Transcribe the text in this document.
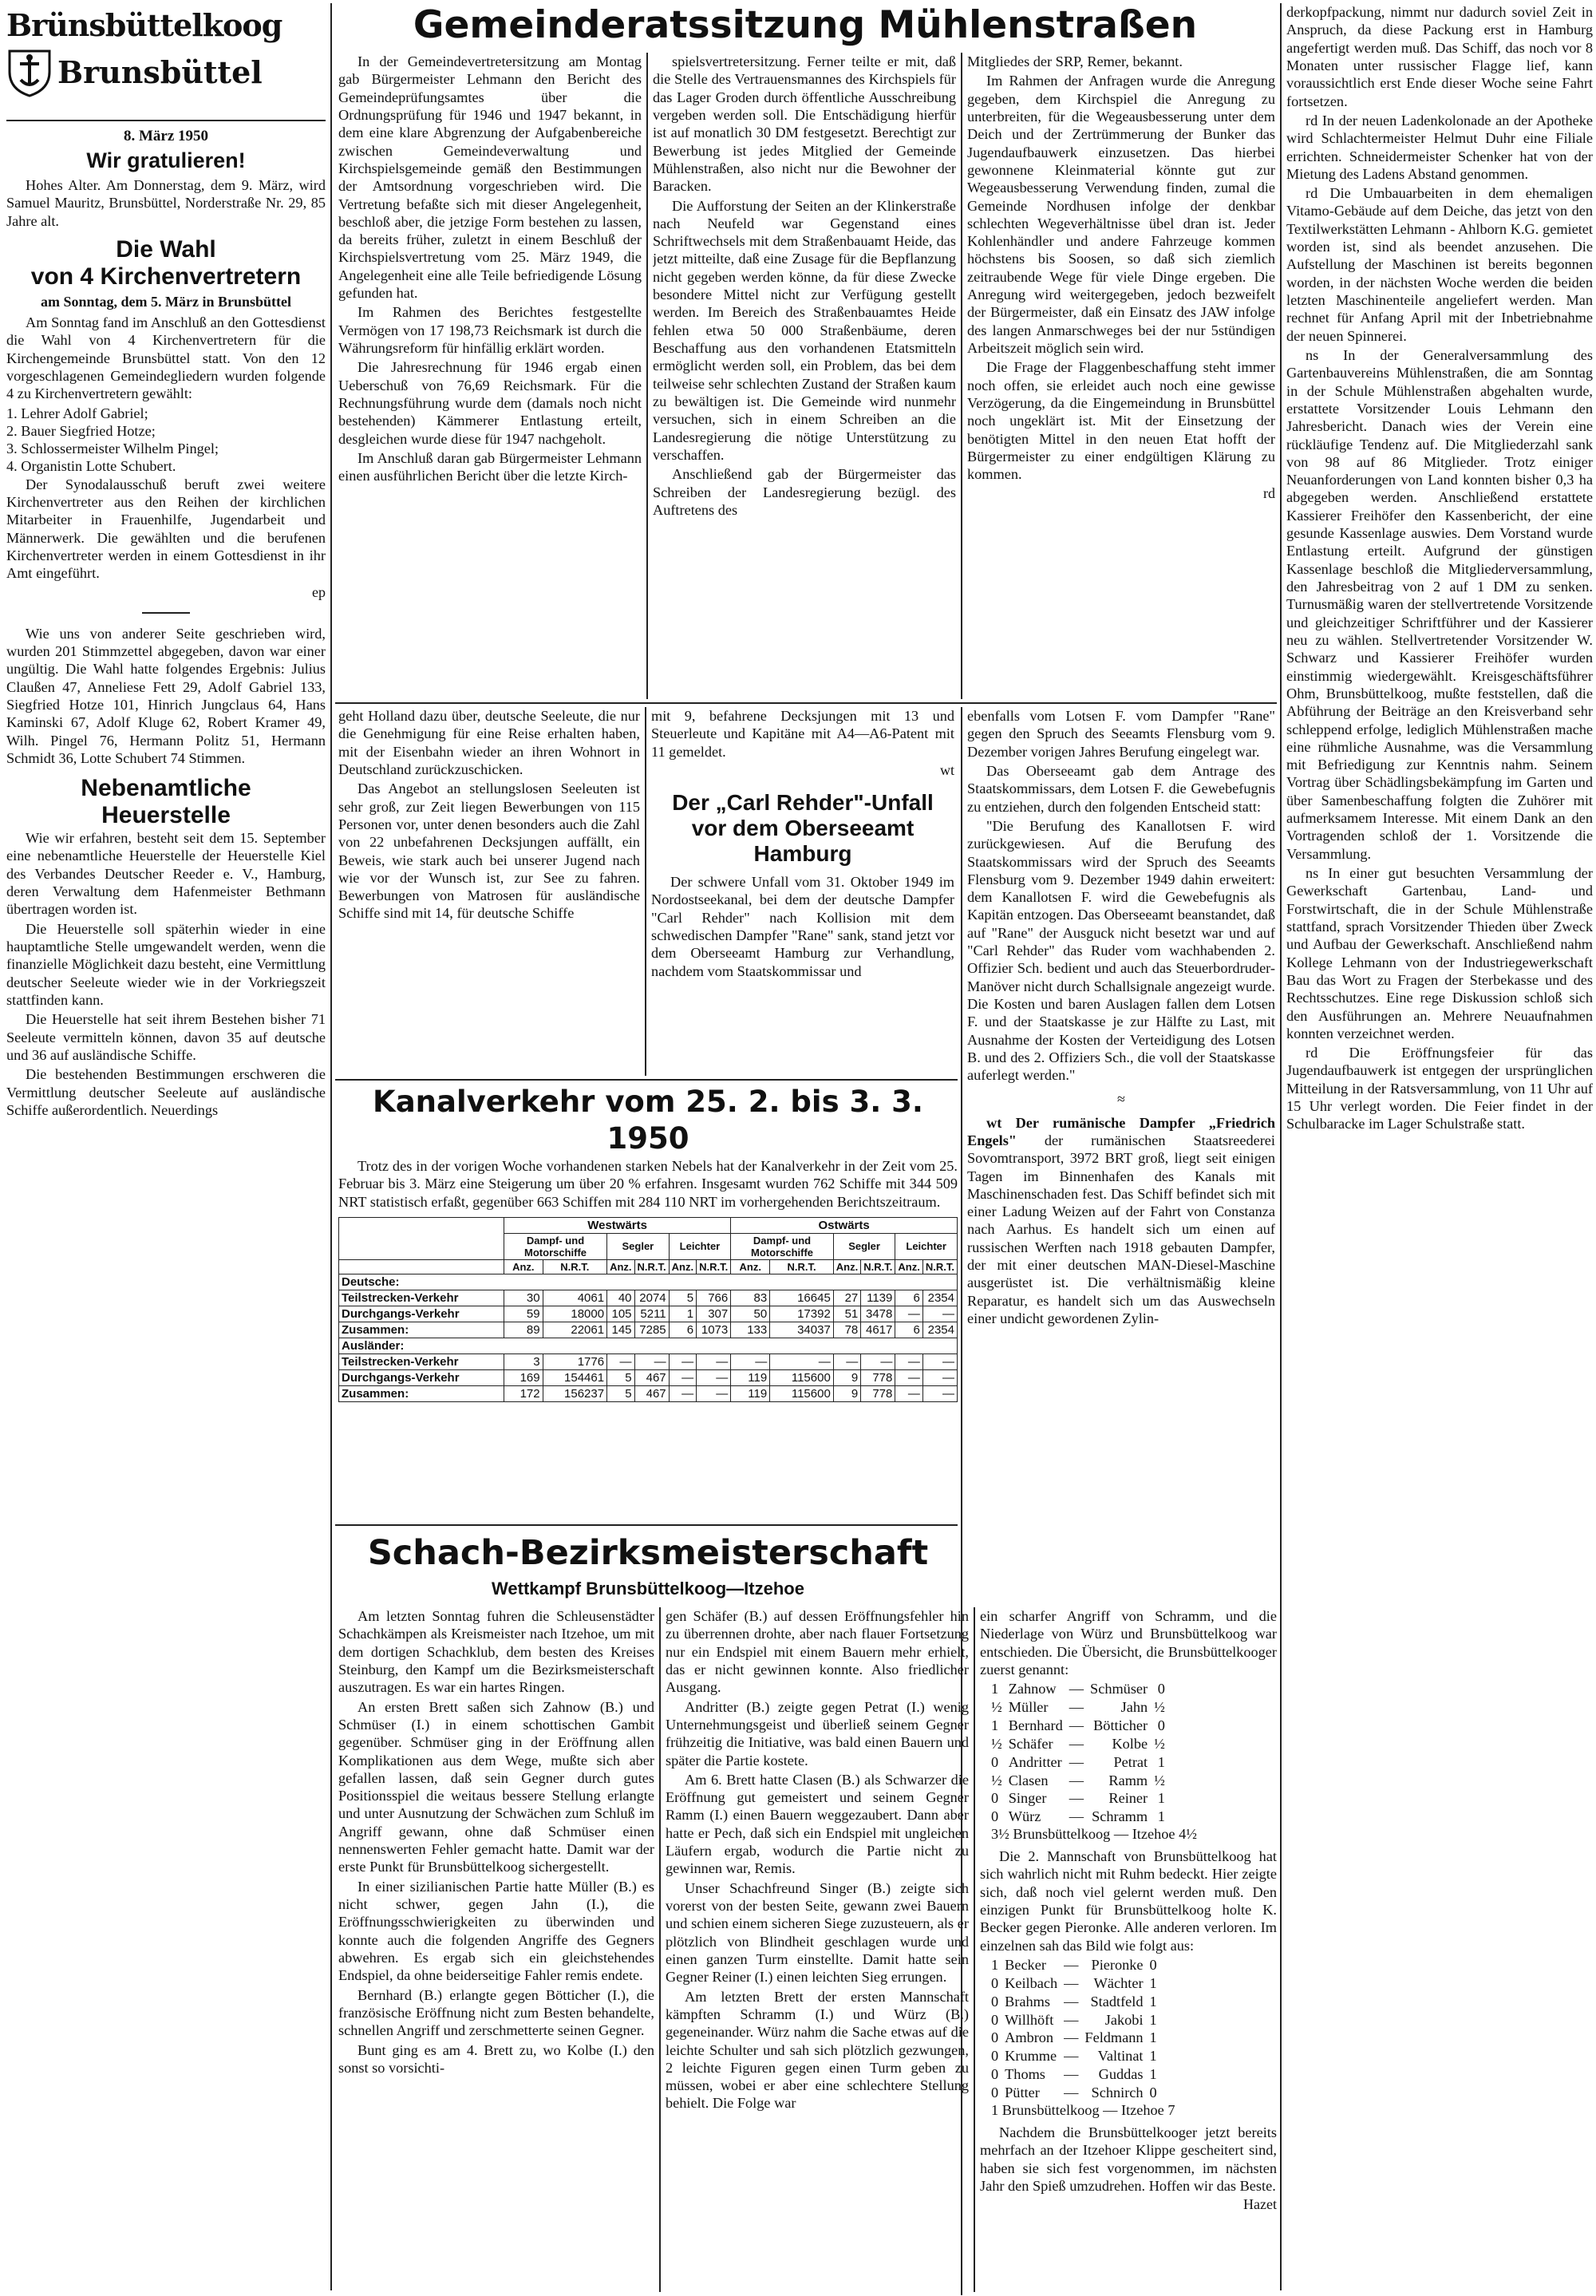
Brünsbüttelkoog
Brunsbüttel
8. März 1950
Wir gratulieren!

Hohes Alter. Am Donnerstag, dem 9. März, wird Samuel Mauritz, Brunsbüttel, Norderstraße Nr. 29, 85 Jahre alt.

Die Wahl
von 4 Kirchenvertretern
am Sonntag, dem 5. März in Brunsbüttel

Am Sonntag fand im Anschluß an den Gottesdienst die Wahl von 4 Kirchenvertretern für die Kirchengemeinde Brunsbüttel statt. Von den 12 vorgeschlagenen Gemeindegliedern wurden folgende 4 zu Kirchenvertretern gewählt:

1. Lehrer Adolf Gabriel;
2. Bauer Siegfried Hotze;
3. Schlossermeister Wilhelm Pingel;
4. Organistin Lotte Schubert.

Der Synodalausschuß beruft zwei weitere Kirchenvertreter aus den Reihen der kirchlichen Mitarbeiter in Frauenhilfe, Jugendarbeit und Männerwerk. Die gewählten und die berufenen Kirchenvertreter werden in einem Gottesdienst in ihr Amt eingeführt.

ep

Wie uns von anderer Seite geschrieben wird, wurden 201 Stimmzettel abgegeben, davon war einer ungültig. Die Wahl hatte folgendes Ergebnis: Julius Claußen 47, Anneliese Fett 29, Adolf Gabriel 133, Siegfried Hotze 101, Hinrich Jungclaus 64, Hans Kaminski 67, Adolf Kluge 62, Robert Kramer 49, Wilh. Pingel 76, Hermann Politz 51, Hermann Schmidt 36, Lotte Schubert 74 Stimmen.

Nebenamtliche
Heuerstelle

Wie wir erfahren, besteht seit dem 15. September eine nebenamtliche Heuerstelle der Heuerstelle Kiel des Verbandes Deutscher Reeder e. V., Hamburg, deren Verwaltung dem Hafenmeister Bethmann übertragen worden ist.

Die Heuerstelle soll späterhin wieder in eine hauptamtliche Stelle umgewandelt werden, wenn die finanzielle Möglichkeit dazu besteht, eine Vermittlung deutscher Seeleute wieder wie in der Vorkriegszeit stattfinden kann.

Die Heuerstelle hat seit ihrem Bestehen bisher 71 Seeleute vermitteln können, davon 35 auf deutsche und 36 auf ausländische Schiffe.

Die bestehenden Bestimmungen erschweren die Vermittlung deutscher Seeleute auf ausländische Schiffe außerordentlich. Neuerdings

Gemeinderatssitzung Mühlenstraßen

In der Gemeindevertretersitzung am Montag gab Bürgermeister Lehmann den Bericht des Gemeindeprüfungsamtes über die Ordnungsprüfung für 1946 und 1947 bekannt, in dem eine klare Abgrenzung der Aufgabenbereiche zwischen Gemeindeverwaltung und Kirchspielsgemeinde gemäß den Bestimmungen der Amtsordnung vorgeschrieben wird. Die Vertretung befaßte sich mit dieser Angelegenheit, beschloß aber, die jetzige Form bestehen zu lassen, da bereits früher, zuletzt in einem Beschluß der Kirchspielsvertretung vom 25. März 1949, die Angelegenheit eine alle Teile befriedigende Lösung gefunden hat.

Im Rahmen des Berichtes festgestellte Vermögen von 17 198,73 Reichsmark ist durch die Währungsreform für hinfällig erklärt worden.

Die Jahresrechnung für 1946 ergab einen Ueberschuß von 76,69 Reichsmark. Für die Rechnungsführung wurde dem (damals noch nicht bestehenden) Kämmerer Entlastung erteilt, desgleichen wurde diese für 1947 nachgeholt.

Im Anschluß daran gab Bürgermeister Lehmann einen ausführlichen Bericht über die letzte Kirch-

spielsvertretersitzung. Ferner teilte er mit, daß die Stelle des Vertrauensmannes des Kirchspiels für das Lager Groden durch öffentliche Ausschreibung vergeben werden soll. Die Entschädigung hierfür ist auf monatlich 30 DM festgesetzt. Berechtigt zur Bewerbung ist jedes Mitglied der Gemeinde Mühlenstraßen, also nicht nur die Bewohner der Baracken.

Die Aufforstung der Seiten an der Klinkerstraße nach Neufeld war Gegenstand eines Schriftwechsels mit dem Straßenbauamt Heide, das jetzt mitteilte, daß eine Zusage für die Bepflanzung nicht gegeben werden könne, da für diese Zwecke besondere Mittel nicht zur Verfügung gestellt werden. Im Bereich des Straßenbauamtes Heide fehlen etwa 50 000 Straßenbäume, deren Beschaffung aus den vorhandenen Etatsmitteln ermöglicht werden soll, ein Problem, das bei dem teilweise sehr schlechten Zustand der Straßen kaum zu bewältigen ist. Die Gemeinde wird nunmehr versuchen, sich in einem Schreiben an die Landesregierung die nötige Unterstützung zu verschaffen.

Anschließend gab der Bürgermeister das Schreiben der Landesregierung bezügl. des Auftretens des

Mitgliedes der SRP, Remer, bekannt.

Im Rahmen der Anfragen wurde die Anregung gegeben, dem Kirchspiel die Anregung zu unterbreiten, für die Wegeausbesserung unter dem Deich und der Zertrümmerung der Bunker das Jugendaufbauwerk einzusetzen. Das hierbei gewonnene Kleinmaterial könnte gut zur Wegeausbesserung Verwendung finden, zumal die Gemeinde Nordhusen infolge der denkbar schlechten Wegeverhältnisse übel dran ist. Jeder Kohlenhändler und andere Fahrzeuge kommen höchstens bis Soosen, so daß sich ziemlich zeitraubende Wege für viele Dinge ergeben. Die Anregung wird weitergegeben, jedoch bezweifelt der Bürgermeister, daß ein Einsatz des JAW infolge des langen Anmarschweges bei der nur 5stündigen Arbeitszeit möglich sein wird.

Die Frage der Flaggenbeschaffung steht immer noch offen, sie erleidet auch noch eine gewisse Verzögerung, da die Eingemeindung in Brunsbüttel noch ungeklärt ist. Mit der Einsetzung der benötigten Mittel in den neuen Etat hofft der Bürgermeister zu einer endgültigen Klärung zu kommen.

rd

geht Holland dazu über, deutsche Seeleute, die nur die Genehmigung für eine Reise erhalten haben, mit der Eisenbahn wieder an ihren Wohnort in Deutschland zurückzuschicken.

Das Angebot an stellungslosen Seeleuten ist sehr groß, zur Zeit liegen Bewerbungen von 115 Personen vor, unter denen besonders auch die Zahl von 22 unbefahrenen Decksjungen auffällt, ein Beweis, wie stark auch bei unserer Jugend nach wie vor der Wunsch ist, zur See zu fahren. Bewerbungen von Matrosen für ausländische Schiffe sind mit 14, für deutsche Schiffe

mit 9, befahrene Decksjungen mit 13 und Steuerleute und Kapitäne mit A4—A6-Patent mit 11 gemeldet.

wt
Der „Carl Rehder"-Unfall vor dem Oberseeamt Hamburg

Der schwere Unfall vom 31. Oktober 1949 im Nordostseekanal, bei dem der deutsche Dampfer "Carl Rehder" nach Kollision mit dem schwedischen Dampfer "Rane" sank, stand jetzt vor dem Oberseeamt Hamburg zur Verhandlung, nachdem vom Staatskommissar und

Kanalverkehr vom 25. 2. bis 3. 3. 1950

Trotz des in der vorigen Woche vorhandenen starken Nebels hat der Kanalverkehr in der Zeit vom 25. Februar bis 3. März eine Steigerung um über 20 % erfahren. Insgesamt wurden 762 Schiffe mit 344 509 NRT statistisch erfaßt, gegenüber 663 Schiffen mit 284 110 NRT im vorhergehenden Berichtszeitraum.

	Westwärts						Ostwärts					
	Dampf- und Motorschiffe		Segler		Leichter		Dampf- und Motorschiffe		Segler		Leichter	
	Anz.	N.R.T.	Anz.	N.R.T.	Anz.	N.R.T.	Anz.	N.R.T.	Anz.	N.R.T.	Anz.	N.R.T.
Deutsche:												
Teilstrecken-Verkehr	30	4061	40	2074	5	766	83	16645	27	1139	6	2354
Durchgangs-Verkehr	59	18000	105	5211	1	307	50	17392	51	3478	—	—
Zusammen:	89	22061	145	7285	6	1073	133	34037	78	4617	6	2354
Ausländer:												
Teilstrecken-Verkehr	3	1776	—	—	—	—	—	—	—	—	—	—
Durchgangs-Verkehr	169	154461	5	467	—	—	119	115600	9	778	—	—
Zusammen:	172	156237	5	467	—	—	119	115600	9	778	—	—

ebenfalls vom Lotsen F. vom Dampfer "Rane" gegen den Spruch des Seeamts Flensburg vom 9. Dezember vorigen Jahres Berufung eingelegt war.

Das Oberseeamt gab dem Antrage des Staatskommissars, dem Lotsen F. die Gewebefugnis zu entziehen, durch den folgenden Entscheid statt:

"Die Berufung des Kanallotsen F. wird zurückgewiesen. Auf die Berufung des Staatskommissars wird der Spruch des Seeamts Flensburg vom 9. Dezember 1949 dahin erweitert: dem Kanallotsen F. wird die Gewebefugnis als Kapitän entzogen. Das Oberseeamt beanstandet, daß auf "Rane" der Ausguck nicht besetzt war und auf "Carl Rehder" das Ruder vom wachhabenden 2. Offizier Sch. bedient und auch das Steuerbordruder-Manöver nicht durch Schallsignale angezeigt wurde. Die Kosten und baren Auslagen fallen dem Lotsen F. und der Staatskasse je zur Hälfte zu Last, mit Ausnahme der Kosten der Verteidigung des Lotsen B. und des 2. Offiziers Sch., die voll der Staatskasse auferlegt werden."

≈

wt Der rumänische Dampfer „Friedrich Engels" der rumänischen Staatsreederei Sovomtransport, 3972 BRT groß, liegt seit einigen Tagen im Binnenhafen des Kanals mit Maschinenschaden fest. Das Schiff befindet sich mit einer Ladung Weizen auf der Fahrt von Constanza nach Aarhus. Es handelt sich um einen auf russischen Werften nach 1918 gebauten Dampfer, der mit einer deutschen MAN-Diesel-Maschine ausgerüstet ist. Die verhältnismäßig kleine Reparatur, es handelt sich um das Auswechseln einer undicht gewordenen Zylin-

derkopfpackung, nimmt nur dadurch soviel Zeit in Anspruch, da diese Packung erst in Hamburg angefertigt werden muß. Das Schiff, das noch vor 8 Monaten unter russischer Flagge lief, kann voraussichtlich erst Ende dieser Woche seine Fahrt fortsetzen.

rd In der neuen Ladenkolonade an der Apotheke wird Schlachtermeister Helmut Duhr eine Filiale errichten. Schneidermeister Schenker hat von der Mietung des Ladens Abstand genommen.

rd Die Umbauarbeiten in dem ehemaligen Vitamo-Gebäude auf dem Deiche, das jetzt von den Textilwerkstätten Lehmann - Ahlborn K.G. gemietet worden ist, sind als beendet anzusehen. Die Aufstellung der Maschinen ist bereits begonnen worden, in der nächsten Woche werden die beiden letzten Maschinenteile angeliefert werden. Man rechnet für Anfang April mit der Inbetriebnahme der neuen Spinnerei.

ns In der Generalversammlung des Gartenbauvereins Mühlenstraßen, die am Sonntag in der Schule Mühlenstraßen abgehalten wurde, erstattete Vorsitzender Louis Lehmann den Jahresbericht. Danach wies der Verein eine rückläufige Tendenz auf. Die Mitgliederzahl sank von 98 auf 86 Mitglieder. Trotz einiger Neuanforderungen von Land konnten bisher 0,3 ha abgegeben werden. Anschließend erstattete Kassierer Freihöfer den Kassenbericht, der eine gesunde Kassenlage auswies. Dem Vorstand wurde Entlastung erteilt. Aufgrund der günstigen Kassenlage beschloß die Mitgliederversammlung, den Jahresbeitrag von 2 auf 1 DM zu senken. Turnusmäßig waren der stellvertretende Vorsitzende und gleichzeitiger Schriftführer und der Kassierer neu zu wählen. Stellvertretender Vorsitzender W. Schwarz und Kassierer Freihöfer wurden einstimmig wiedergewählt. Kreisgeschäftsführer Ohm, Brunsbüttelkoog, mußte feststellen, daß die Abführung der Beiträge an den Kreisverband sehr schleppend erfolge, lediglich Mühlenstraßen mache eine rühmliche Ausnahme, was die Versammlung mit Befriedigung zur Kenntnis nahm. Seinem Vortrag über Schädlingsbekämpfung im Garten und über Samenbeschaffung folgten die Zuhörer mit aufmerksamem Interesse. Mit einem Dank an den Vortragenden schloß der 1. Vorsitzende die Versammlung.

ns In einer gut besuchten Versammlung der Gewerkschaft Gartenbau, Land- und Forstwirtschaft, die in der Schule Mühlenstraße stattfand, sprach Vorsitzender Thieden über Zweck und Aufbau der Gewerkschaft. Anschließend nahm Kollege Lehmann von der Industriegewerkschaft Bau das Wort zu Fragen der Sterbekasse und des Rechtsschutzes. Eine rege Diskussion schloß sich den Ausführungen an. Mehrere Neuaufnahmen konnten verzeichnet werden.

rd Die Eröffnungsfeier für das Jugendaufbauwerk ist entgegen der ursprünglichen Mitteilung in der Ratsversammlung, von 11 Uhr auf 15 Uhr verlegt worden. Die Feier findet in der Schulbaracke im Lager Schulstraße statt.

Schach-Bezirksmeisterschaft
Wettkampf Brunsbüttelkoog—Itzehoe

Am letzten Sonntag fuhren die Schleusenstädter Schachkämpen als Kreismeister nach Itzehoe, um mit dem dortigen Schachklub, dem besten des Kreises Steinburg, den Kampf um die Bezirksmeisterschaft auszutragen. Es war ein hartes Ringen.

An ersten Brett saßen sich Zahnow (B.) und Schmüser (I.) in einem schottischen Gambit gegenüber. Schmüser ging in der Eröffnung allen Komplikationen aus dem Wege, mußte sich aber gefallen lassen, daß sein Gegner durch gutes Positionsspiel die weitaus bessere Stellung erlangte und unter Ausnutzung der Schwächen zum Schluß im Angriff gewann, ohne daß Schmüser einen nennenswerten Fehler gemacht hatte. Damit war der erste Punkt für Brunsbüttelkoog sichergestellt.

In einer sizilianischen Partie hatte Müller (B.) es nicht schwer, gegen Jahn (I.), die Eröffnungsschwierigkeiten zu überwinden und konnte auch die folgenden Angriffe des Gegners abwehren. Es ergab sich ein gleichstehendes Endspiel, da ohne beiderseitige Fahler remis endete.

Bernhard (B.) erlangte gegen Bötticher (I.), die französische Eröffnung nicht zum Besten behandelte, schnellen Angriff und zerschmetterte seinen Gegner.

Bunt ging es am 4. Brett zu, wo Kolbe (I.) den sonst so vorsichti-

gen Schäfer (B.) auf dessen Eröffnungsfehler hin zu überrennen drohte, aber nach flauer Fortsetzung nur ein Endspiel mit einem Bauern mehr erhielt, das er nicht gewinnen konnte. Also friedlicher Ausgang.

Andritter (B.) zeigte gegen Petrat (I.) wenig Unternehmungsgeist und überließ seinem Gegner frühzeitig die Initiative, was bald einen Bauern und später die Partie kostete.

Am 6. Brett hatte Clasen (B.) als Schwarzer die Eröffnung gut gemeistert und seinem Gegner Ramm (I.) einen Bauern weggezaubert. Dann aber hatte er Pech, daß sich ein Endspiel mit ungleichen Läufern ergab, wodurch die Partie nicht zu gewinnen war, Remis.

Unser Schachfreund Singer (B.) zeigte sich vorerst von der besten Seite, gewann zwei Bauern und schien einem sicheren Siege zuzusteuern, als er plötzlich von Blindheit geschlagen wurde und einen ganzen Turm einstellte. Damit hatte sein Gegner Reiner (I.) einen leichten Sieg errungen.

Am letzten Brett der ersten Mannschaft kämpften Schramm (I.) und Würz (B.) gegeneinander. Würz nahm die Sache etwas auf die leichte Schulter und sah sich plötzlich gezwungen, 2 leichte Figuren gegen einen Turm geben zu müssen, wobei er aber eine schlechtere Stellung behielt. Die Folge war

ein scharfer Angriff von Schramm, und die Niederlage von Würz und Brunsbüttelkoog war entschieden. Die Übersicht, die Brunsbüttelkooger zuerst genannt:

1	Zahnow	—	Schmüser	0
½	Müller	—	Jahn	½
1	Bernhard	—	Bötticher	0
½	Schäfer	—	Kolbe	½
0	Andritter	—	Petrat	1
½	Clasen	—	Ramm	½
0	Singer	—	Reiner	1
0	Würz	—	Schramm	1
3½ Brunsbüttelkoog — Itzehoe 4½

Die 2. Mannschaft von Brunsbüttelkoog hat sich wahrlich nicht mit Ruhm bedeckt. Hier zeigte sich, daß noch viel gelernt werden muß. Den einzigen Punkt für Brunsbüttelkoog holte K. Becker gegen Pieronke. Alle anderen verloren. Im einzelnen sah das Bild wie folgt aus:

1	Becker	—	Pieronke	0
0	Keilbach	—	Wächter	1
0	Brahms	—	Stadtfeld	1
0	Willhöft	—	Jakobi	1
0	Ambron	—	Feldmann	1
0	Krumme	—	Valtinat	1
0	Thoms	—	Guddas	1
0	Pütter	—	Schnirch	0
1 Brunsbüttelkoog — Itzehoe 7

Nachdem die Brunsbüttelkooger jetzt bereits mehrfach an der Itzehoer Klippe gescheitert sind, haben sie sich fest vorgenommen, im nächsten Jahr den Spieß umzudrehen. Hoffen wir das Beste.

Hazet
